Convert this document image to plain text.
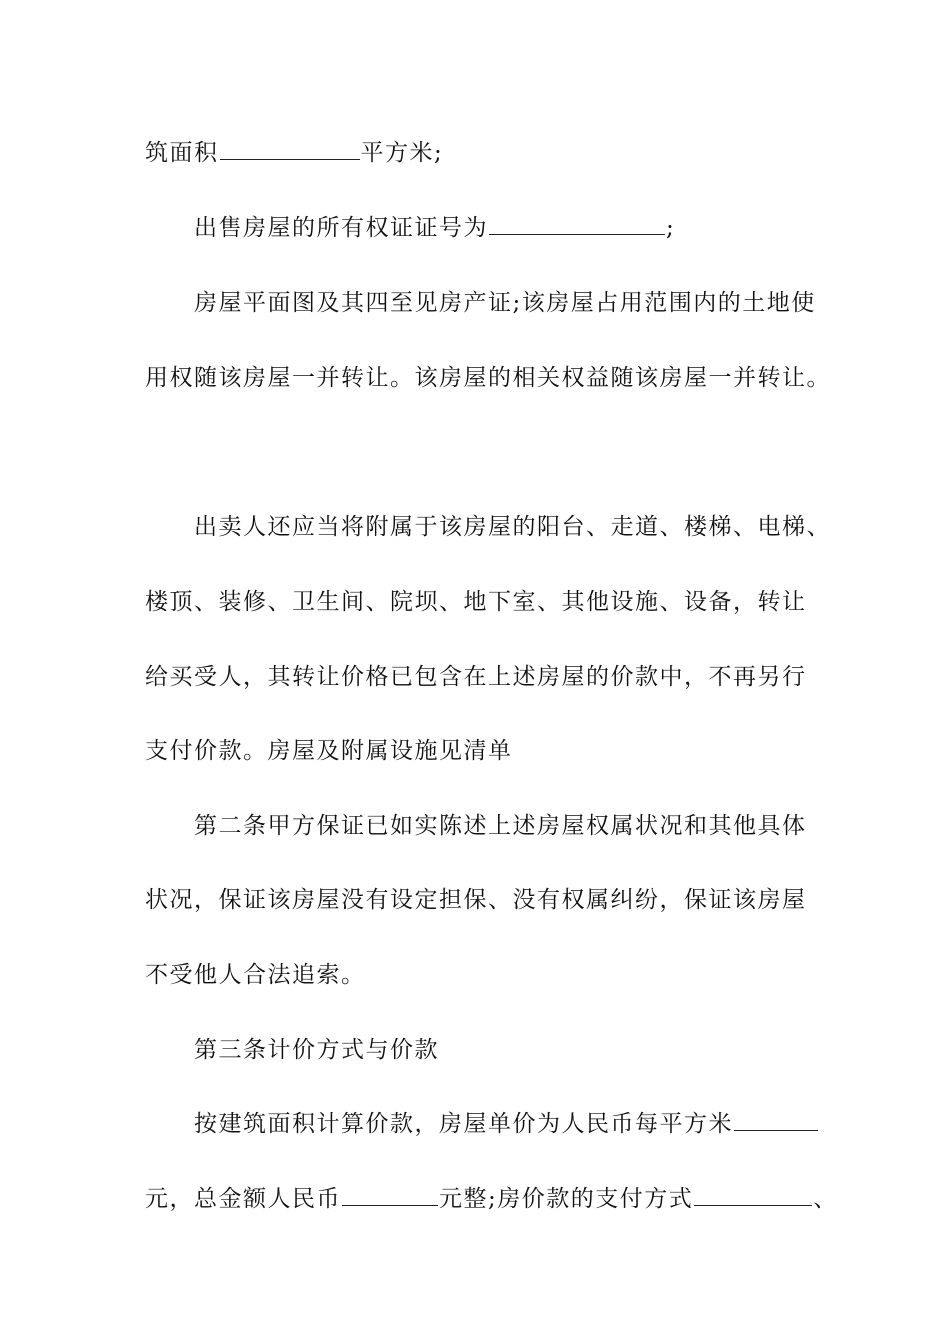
筑面积	平方米;
出售房屋的所有权证证号为	;
房屋平面图及其四至见房产证;该房屋占用范围内的土地使
用权随该房屋一并转让。该房屋的相关权益随该房屋一并转让。
出卖人还应当将附属于该房屋的阳台、走道、楼梯、电梯、
楼顶、装修、卫生间、院坝、地下室、其他设施、设备，转让
给买受人，其转让价格已包含在上述房屋的价款中，不再另行
支付价款。房屋及附属设施见清单
第二条甲方保证已如实陈述上述房屋权属状况和其他具体
状况，保证该房屋没有设定担保、没有权属纠纷，保证该房屋
不受他人合法追索。
第三条计价方式与价款
按建筑面积计算价款，房屋单价为人民币每平方米
元，总金额人民币	元整;房价款的支付方式	、
